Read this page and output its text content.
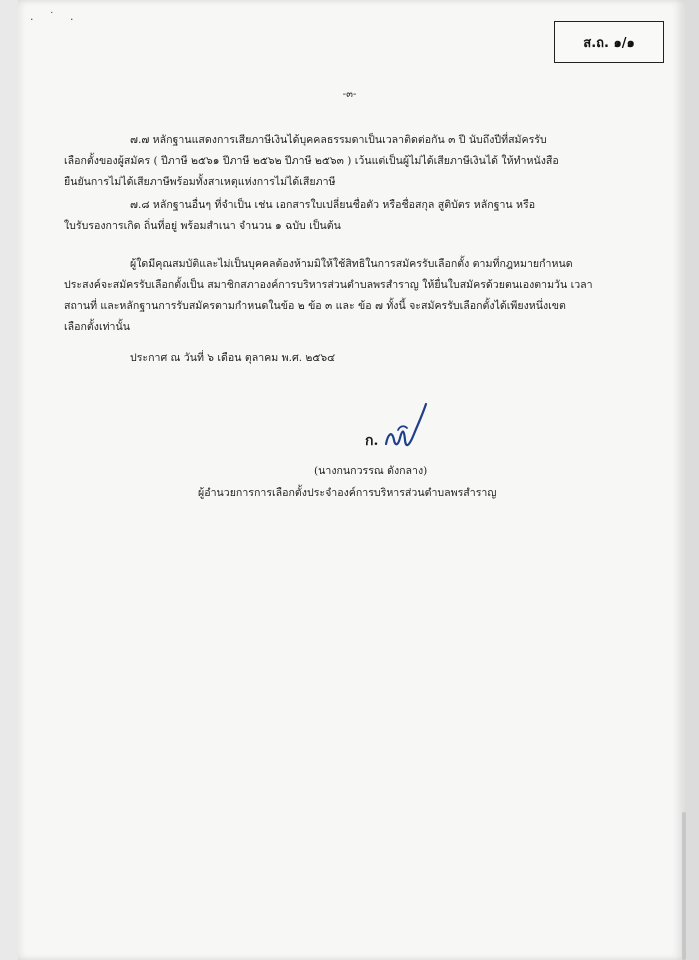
. ˙ .
ส.ถ. ๑/๑
-๓-
๗.๗ หลักฐานแสดงการเสียภาษีเงินได้บุคคลธรรมดาเป็นเวลาติดต่อกัน ๓ ปี นับถึงปีที่สมัครรับ
เลือกตั้งของผู้สมัคร ( ปีภาษี ๒๕๖๑ ปีภาษี ๒๕๖๒ ปีภาษี ๒๕๖๓ ) เว้นแต่เป็นผู้ไม่ได้เสียภาษีเงินได้ ให้ทำหนังสือ
ยืนยันการไม่ได้เสียภาษีพร้อมทั้งสาเหตุแห่งการไม่ได้เสียภาษี
๗.๘ หลักฐานอื่นๆ ที่จำเป็น เช่น เอกสารใบเปลี่ยนชื่อตัว หรือชื่อสกุล สูติบัตร หลักฐาน หรือ
ใบรับรองการเกิด ถิ่นที่อยู่ พร้อมสำเนา จำนวน ๑ ฉบับ เป็นต้น
ผู้ใดมีคุณสมบัติและไม่เป็นบุคคลต้องห้ามมิให้ใช้สิทธิในการสมัครรับเลือกตั้ง ตามที่กฎหมายกำหนด
ประสงค์จะสมัครรับเลือกตั้งเป็น สมาชิกสภาองค์การบริหารส่วนตำบลพรสำราญ ให้ยื่นใบสมัครด้วยตนเองตามวัน เวลา
สถานที่ และหลักฐานการรับสมัครตามกำหนดในข้อ ๒ ข้อ ๓ และ ข้อ ๗ ทั้งนี้ จะสมัครรับเลือกตั้งได้เพียงหนึ่งเขต
เลือกตั้งเท่านั้น
ประกาศ ณ วันที่ ๖ เดือน ตุลาคม พ.ศ. ๒๕๖๔
ก.
(นางกนกวรรณ ดังกลาง)
ผู้อำนวยการการเลือกตั้งประจำองค์การบริหารส่วนตำบลพรสำราญ
